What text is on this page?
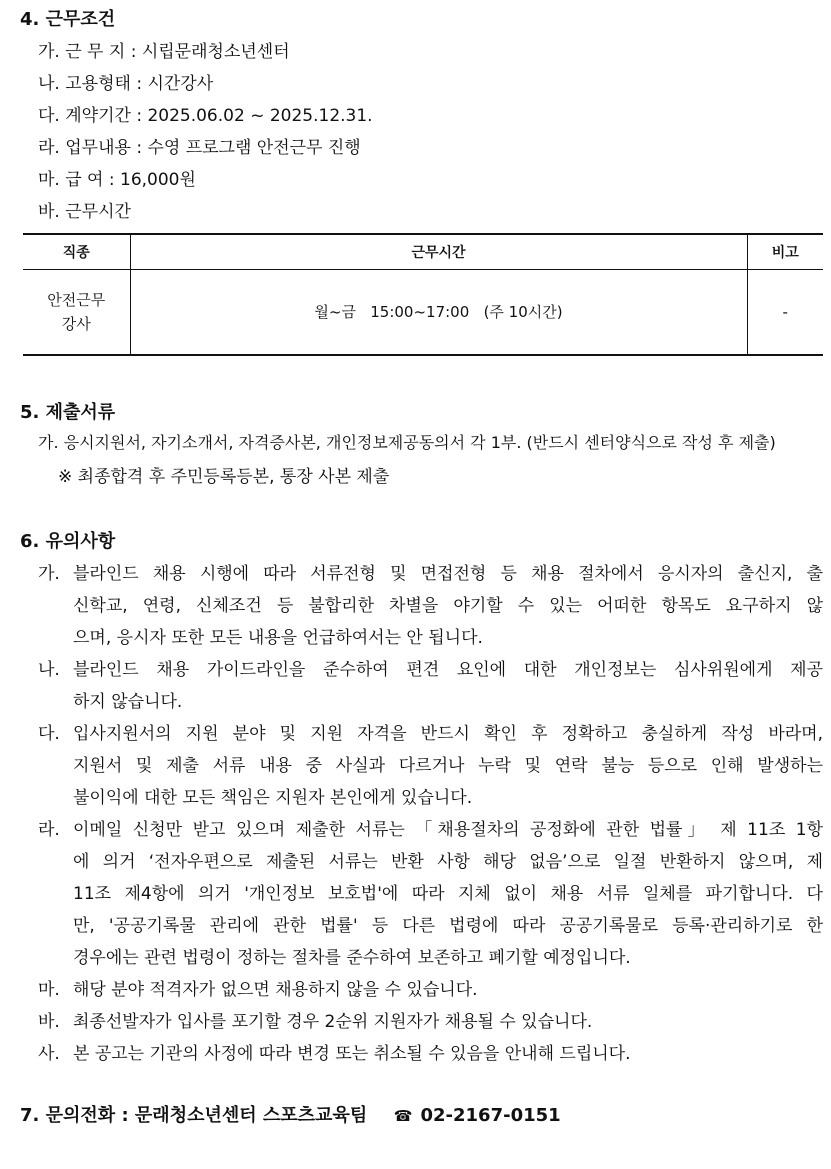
4. 근무조건
가. 근 무 지 : 시립문래청소년센터
나. 고용형태 : 시간강사
다. 계약기간 : 2025.06.02 ~ 2025.12.31.
라. 업무내용 : 수영 프로그램 안전근무 진행
마. 급 여 : 16,000원
바. 근무시간
직종	근무시간	비고
안전근무
강사	월~금   15:00~17:00   (주 10시간)	-
5. 제출서류
가. 응시지원서, 자기소개서, 자격증사본, 개인정보제공동의서 각 1부. (반드시 센터양식으로 작성 후 제출)
※ 최종합격 후 주민등록등본, 통장 사본 제출
6. 유의사항
가. 블라인드 채용 시행에 따라 서류전형 및 면접전형 등 채용 절차에서 응시자의 출신지, 출
신학교, 연령, 신체조건 등 불합리한 차별을 야기할 수 있는 어떠한 항목도 요구하지 않
으며, 응시자 또한 모든 내용을 언급하여서는 안 됩니다.
나. 블라인드 채용 가이드라인을 준수하여 편견 요인에 대한 개인정보는 심사위원에게 제공
하지 않습니다.
다. 입사지원서의 지원 분야 및 지원 자격을 반드시 확인 후 정확하고 충실하게 작성 바라며,
지원서 및 제출 서류 내용 중 사실과 다르거나 누락 및 연락 불능 등으로 인해 발생하는
불이익에 대한 모든 책임은 지원자 본인에게 있습니다.
라. 이메일 신청만 받고 있으며 제출한 서류는 「채용절차의 공정화에 관한 법률」 제 11조 1항
에 의거 ‘전자우편으로 제출된 서류는 반환 사항 해당 없음’으로 일절 반환하지 않으며, 제
11조 제4항에 의거 '개인정보 보호법'에 따라 지체 없이 채용 서류 일체를 파기합니다. 다
만, '공공기록물 관리에 관한 법률' 등 다른 법령에 따라 공공기록물로 등록·관리하기로 한
경우에는 관련 법령이 정하는 절차를 준수하여 보존하고 폐기할 예정입니다.
마. 해당 분야 적격자가 없으면 채용하지 않을 수 있습니다.
바. 최종선발자가 입사를 포기할 경우 2순위 지원자가 채용될 수 있습니다.
사. 본 공고는 기관의 사정에 따라 변경 또는 취소될 수 있음을 안내해 드립니다.
7. 문의전화 : 문래청소년센터 스포츠교육팀 ☎ 02-2167-0151
